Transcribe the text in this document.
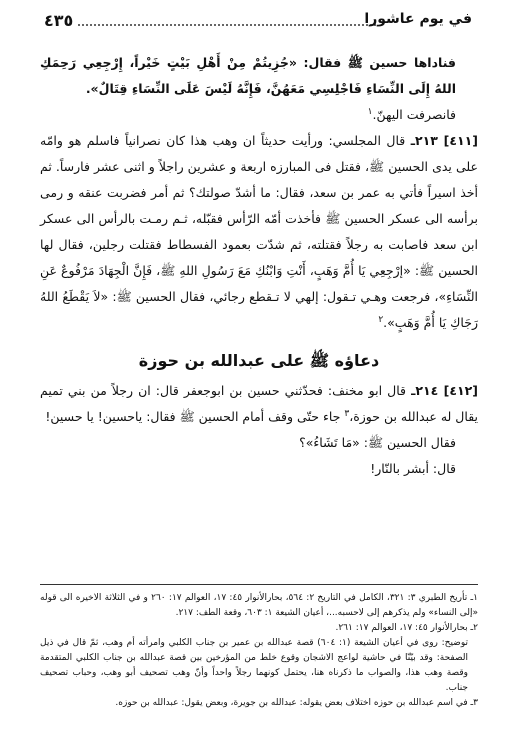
٤٣٥	في يوم عاشورا

فناداها حسين ﷺ فقال: «جُزِيتُمْ مِنْ أَهْلِ بَيْتٍ خَيْراً، إِرْجِعِي رَحِمَكِ اللهُ إِلَى النِّسَاءِ فَاجْلِسِي مَعَهُنَّ، فَإِنَّهُ لَيْسَ عَلَى النِّسَاءِ قِتَالٌ».

فانصرفت اليهنّ.$^١$

[٤١١] ٢١٣ـ قال المجلسي: ورأيت حديثاً ان وهب هذا كان نصرانياً فاسلم هو وامّه على يدى الحسين ﷺ، فقتل فى المبارزه اربعة و عشرين راجلاً و اثنى عشر فارساً. ثم أخذ اسيراً فأتي به عمر بن سعد، فقال: ما أشدّ صولتك؟ ثم أمر فضربت عنقه و رمى برأسه الى عسكر الحسين ﷺ فأخذت أمّه الرّأس فقبّله، ثـم رمـت بالرأس الى عسكر ابن سعد فاصابت به رجلاً فقتلته، ثم شدّت بعمود الفسطاط فقتلت رجلين، فقال لها الحسين ﷺ: «إرْجِعِي يَا أُمَّ وَهَبٍ، أَنْتِ وَابْنُكِ مَعَ رَسُولِ اللهِ ﷺ، فَإِنَّ الْجِهَادَ مَرْفُوعٌ عَنِ النِّسَاءِ»، فرجعت وهـي تـقول: إلهي لا تـقطع رجائي، فقال الحسين ﷺ: «لاَ يَقْطَعُ اللهُ رَجَاكِ يَا أُمَّ وَهَبٍ».$^٢$

دعاؤه ﷺ على عبدالله بن حوزة

[٤١٢] ٢١٤ـ قال ابو مخنف: فحدّثني حسين بن ابوجعفر قال: ان رجلاً من بني تميم يقال له عبدالله بن حوزة،$^٣$ جاء حتّى وقف أمام الحسين ﷺ فقال: ياحسين! يا حسين!

فقال الحسين ﷺ: «مَا تَشَاءُ»؟

قال: أبشر بالنّار!

١ـ تأريخ الطبري ٣: ٣٢١، الكامل في التاريخ ٢: ٥٦٤، بحارالأنوار ٤٥: ١٧، العوالم ١٧: ٢٦٠ و في الثلاثة الاخيره الى قوله «إلى النساء» ولم يذكرهم إلى لاحسبه...، أعيان الشيعة ١: ٦٠٣، وقعة الطف: ٢١٧.

٢ـ بحارالأنوار ٤٥: ١٧، العوالم ١٧: ٢٦١.

توضيح: روى في أعيان الشيعة (١: ٦٠٤) قصة عبدالله بن عمير بن جناب الكلبي وامرأته أم وهب، ثمّ قال في ذيل الصفحة: وقد بيّنّا في حاشية لواعج الاشجان وقوع خلط من المؤرخين بين قصة عبدالله بن جناب الكلبي المتقدمة وقصة وهب هذا، والصواب ما ذكرناه هنا، يحتمل كونهما رجلاً واحداً وأنّ وهب تصحيف أبو وهب، وحباب تصحيف جناب.

٣ـ في اسم عبدالله بن حوزه اختلاف بعض يقوله: عبدالله بن جويرة، وبعض يقول: عبدالله بن حوزه.
